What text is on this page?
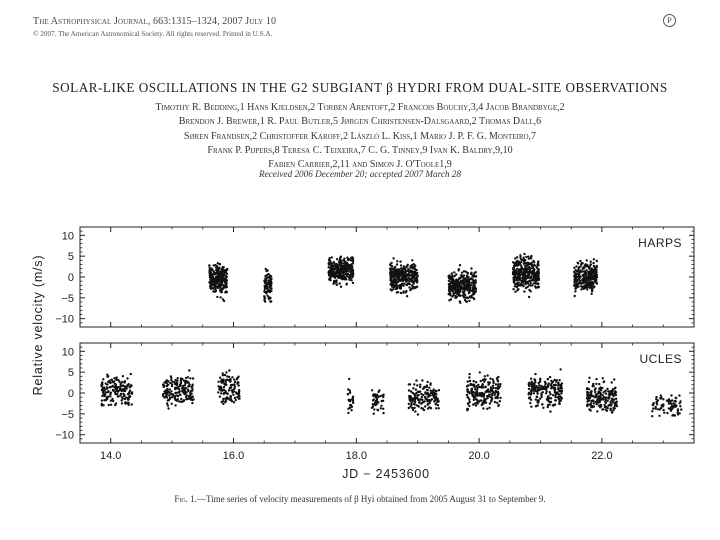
The Astrophysical Journal, 663:1315–1324, 2007 July 10
© 2007. The American Astronomical Society. All rights reserved. Printed in U.S.A.
P
SOLAR-LIKE OSCILLATIONS IN THE G2 SUBGIANT β HYDRI FROM DUAL-SITE OBSERVATIONS
Timothy R. Bedding,1 Hans Kjeldsen,2 Torben Arentoft,2 Francois Bouchy,3,4 Jacob Brandbyge,2
Brendon J. Brewer,1 R. Paul Butler,5 Jørgen Christensen-Dalsgaard,2 Thomas Dall,6
Søren Frandsen,2 Christoffer Karoff,2 László L. Kiss,1 Mario J. P. F. G. Monteiro,7
Frank P. Pijpers,8 Teresa C. Teixeira,7 C. G. Tinney,9 Ivan K. Baldry,9,10
Fabien Carrier,2,11 and Simon J. O'Toole1,9
Received 2006 December 20; accepted 2007 March 28
−10
−5
0
5
10	HARPS
−10
−5
0
5
10	UCLES
14.0	16.0	18.0	20.0	22.0
JD − 2453600
Relative velocity (m/s)
Fig. 1.—Time series of velocity measurements of β Hyi obtained from 2005 August 31 to September 9.
